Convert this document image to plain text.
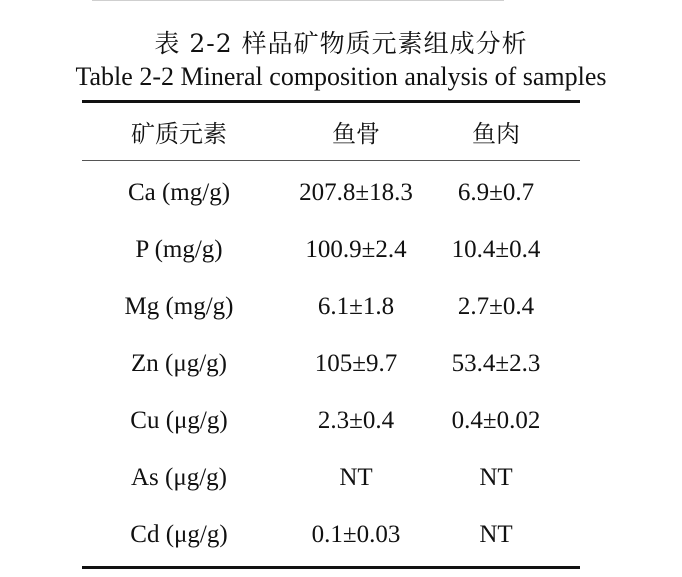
表 2-2 样品矿物质元素组成分析
Table 2-2 Mineral composition analysis of samples
矿质元素	鱼骨	鱼肉
Ca (mg/g)	207.8±18.3	6.9±0.7
P (mg/g)	100.9±2.4	10.4±0.4
Mg (mg/g)	6.1±1.8	2.7±0.4
Zn (μg/g)	105±9.7	53.4±2.3
Cu (μg/g)	2.3±0.4	0.4±0.02
As (μg/g)	NT	NT
Cd (μg/g)	0.1±0.03	NT
